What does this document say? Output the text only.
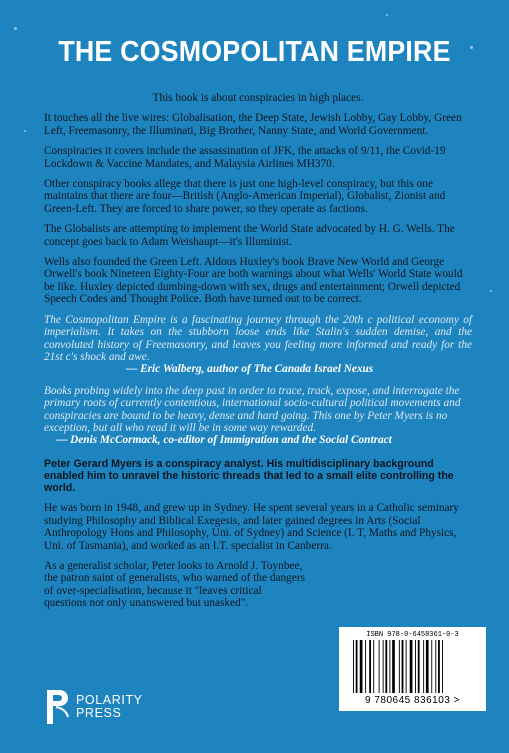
THE COSMOPOLITAN EMPIRE

This book is about conspiracies in high places.

It touches all the live wires: Globalisation, the Deep State, Jewish Lobby, Gay Lobby, Green Left, Freemasonry, the Illuminati, Big Brother, Nanny State, and World Government.

Conspiracies it covers include the assassination of JFK, the attacks of 9/11, the Covid-19 Lockdown & Vaccine Mandates, and Malaysia Airlines MH370.

Other conspiracy books allege that there is just one high-level conspiracy, but this one maintains that there are four—British (Anglo-American Imperial), Globalist, Zionist and Green-Left. They are forced to share power, so they operate as factions.

The Globalists are attempting to implement the World State advocated by H. G. Wells. The concept goes back to Adam Weishaupt—it's Illuminist.

Wells also founded the Green Left. Aldous Huxley's book Brave New World and George Orwell's book Nineteen Eighty-Four are both warnings about what Wells' World State would be like. Huxley depicted dumbing-down with sex, drugs and entertainment; Orwell depicted Speech Codes and Thought Police. Both have turned out to be correct.

The Cosmopolitan Empire is a fascinating journey through the 20th c political economy of imperialism. It takes on the stubborn loose ends like Stalin's sudden demise, and the convoluted history of Freemasonry, and leaves you feeling more informed and ready for the 21st c's shock and awe.
— Eric Walberg, author of The Canada Israel Nexus

Books probing widely into the deep past in order to trace, track, expose, and interrogate the primary roots of currently contentious, international socio-cultural political movements and conspiracies are bound to be heavy, dense and hard going. This one by Peter Myers is no exception, but all who read it will be in some way rewarded.
— Denis McCormack, co-editor of Immigration and the Social Contract

Peter Gerard Myers is a conspiracy analyst. His multidisciplinary background enabled him to unravel the historic threads that led to a small elite controlling the world.

He was born in 1948, and grew up in Sydney. He spent several years in a Catholic seminary studying Philosophy and Biblical Exegesis, and later gained degrees in Arts (Social Anthropology Hons and Philosophy, Uni. of Sydney) and Science (I. T, Maths and Physics, Uni. of Tasmania), and worked as an I.T. specialist in Canberra.

As a generalist scholar, Peter looks to Arnold J. Toynbee, the patron saint of generalists, who warned of the dangers of over-specialisation, because it "leaves critical questions not only unanswered but unasked".

ISBN 978-0-6458361-0-3
9 780645 836103 >
POLARITY
PRESS
